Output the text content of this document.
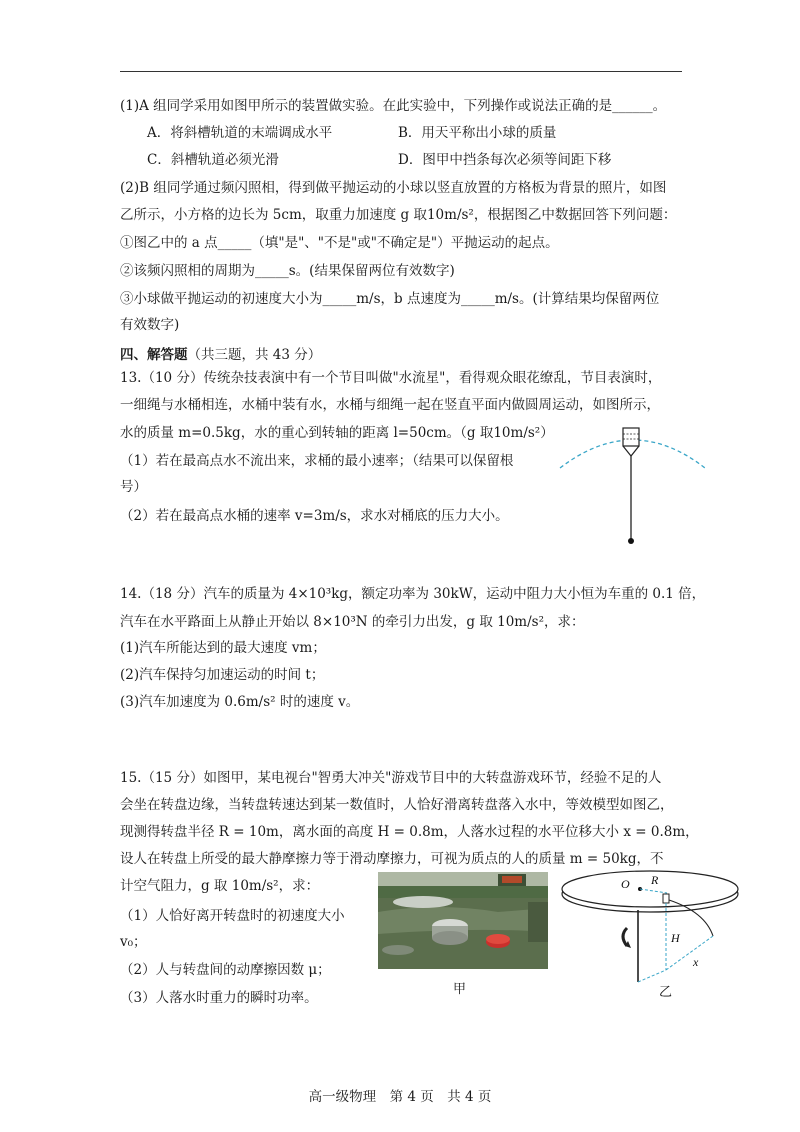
(1)A 组同学采用如图甲所示的装置做实验。在此实验中，下列操作或说法正确的是______。
A．将斜槽轨道的末端调成水平	B．用天平称出小球的质量
C．斜槽轨道必须光滑	D．图甲中挡条每次必须等间距下移
(2)B 组同学通过频闪照相，得到做平抛运动的小球以竖直放置的方格板为背景的照片，如图
乙所示，小方格的边长为 5cm，取重力加速度 g 取10m/s²，根据图乙中数据回答下列问题：
①图乙中的 a 点_____（填"是"、"不是"或"不确定是"）平抛运动的起点。
②该频闪照相的周期为_____s。(结果保留两位有效数字)
③小球做平抛运动的初速度大小为_____m/s，b 点速度为_____m/s。(计算结果均保留两位
有效数字)
四、解答题（共三题，共 43 分）
13.（10 分）传统杂技表演中有一个节目叫做"水流星"，看得观众眼花缭乱，节目表演时，
一细绳与水桶相连，水桶中装有水，水桶与细绳一起在竖直平面内做圆周运动，如图所示，
水的质量 m=0.5kg，水的重心到转轴的距离 l=50cm。（g 取10m/s²）
（1）若在最高点水不流出来，求桶的最小速率；（结果可以保留根
号）
（2）若在最高点水桶的速率 v=3m/s，求水对桶底的压力大小。
14.（18 分）汽车的质量为 4×10³kg，额定功率为 30kW，运动中阻力大小恒为车重的 0.1 倍，
汽车在水平路面上从静止开始以 8×10³N 的牵引力出发，g 取 10m/s²，求：
(1)汽车所能达到的最大速度 vm；
(2)汽车保持匀加速运动的时间 t；
(3)汽车加速度为 0.6m/s² 时的速度 v。
15.（15 分）如图甲，某电视台"智勇大冲关"游戏节目中的大转盘游戏环节，经验不足的人
会坐在转盘边缘，当转盘转速达到某一数值时，人恰好滑离转盘落入水中，等效模型如图乙，
现测得转盘半径 R = 10m，离水面的高度 H = 0.8m，人落水过程的水平位移大小 x = 0.8m，
设人在转盘上所受的最大静摩擦力等于滑动摩擦力，可视为质点的人的质量 m = 50kg，不
计空气阻力，g 取 10m/s²，求：
（1）人恰好离开转盘时的初速度大小
v₀；
（2）人与转盘间的动摩擦因数 μ；
（3）人落水时重力的瞬时功率。
甲
O R
H
x
乙
高一级物理　第 4 页　共 4 页
